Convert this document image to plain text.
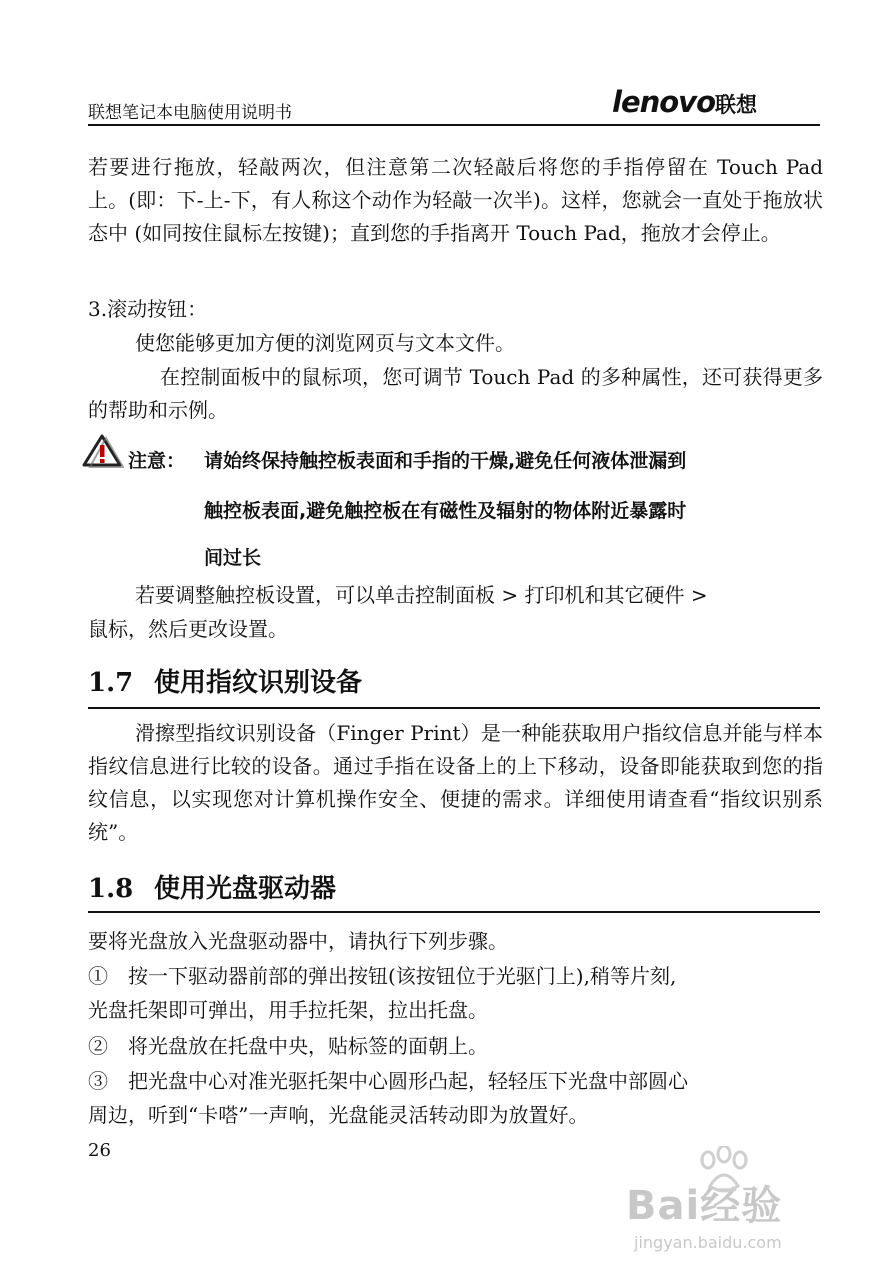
联想笔记本电脑使用说明书	lenovo联想

若要进行拖放，轻敲两次，但注意第二次轻敲后将您的手指停留在 Touch Pad 上。(即：下-上-下，有人称这个动作为轻敲一次半)。这样，您就会一直处于拖放状态中 (如同按住鼠标左按键)；直到您的手指离开 Touch Pad，拖放才会停止。

3.滚动按钮：

使您能够更加方便的浏览网页与文本文件。

在控制面板中的鼠标项，您可调节 Touch Pad 的多种属性，还可获得更多的帮助和示例。

注意： 请始终保持触控板表面和手指的干燥,避免任何液体泄漏到
触控板表面,避免触控板在有磁性及辐射的物体附近暴露时
间过长

若要调整触控板设置，可以单击控制面板 > 打印机和其它硬件 >

鼠标，然后更改设置。

1.7 使用指纹识别设备

滑擦型指纹识别设备（Finger Print）是一种能获取用户指纹信息并能与样本指纹信息进行比较的设备。通过手指在设备上的上下移动，设备即能获取到您的指纹信息，以实现您对计算机操作安全、便捷的需求。详细使用请查看“指纹识别系统”。

1.8 使用光盘驱动器

要将光盘放入光盘驱动器中，请执行下列步骤。

①　按一下驱动器前部的弹出按钮(该按钮位于光驱门上),稍等片刻,

光盘托架即可弹出，用手拉托架，拉出托盘。

②　将光盘放在托盘中央，贴标签的面朝上。

③　把光盘中心对准光驱托架中心圆形凸起，轻轻压下光盘中部圆心

周边，听到“卡嗒”一声响，光盘能灵活转动即为放置好。

26
Bai经验
jingyan.baidu.com
